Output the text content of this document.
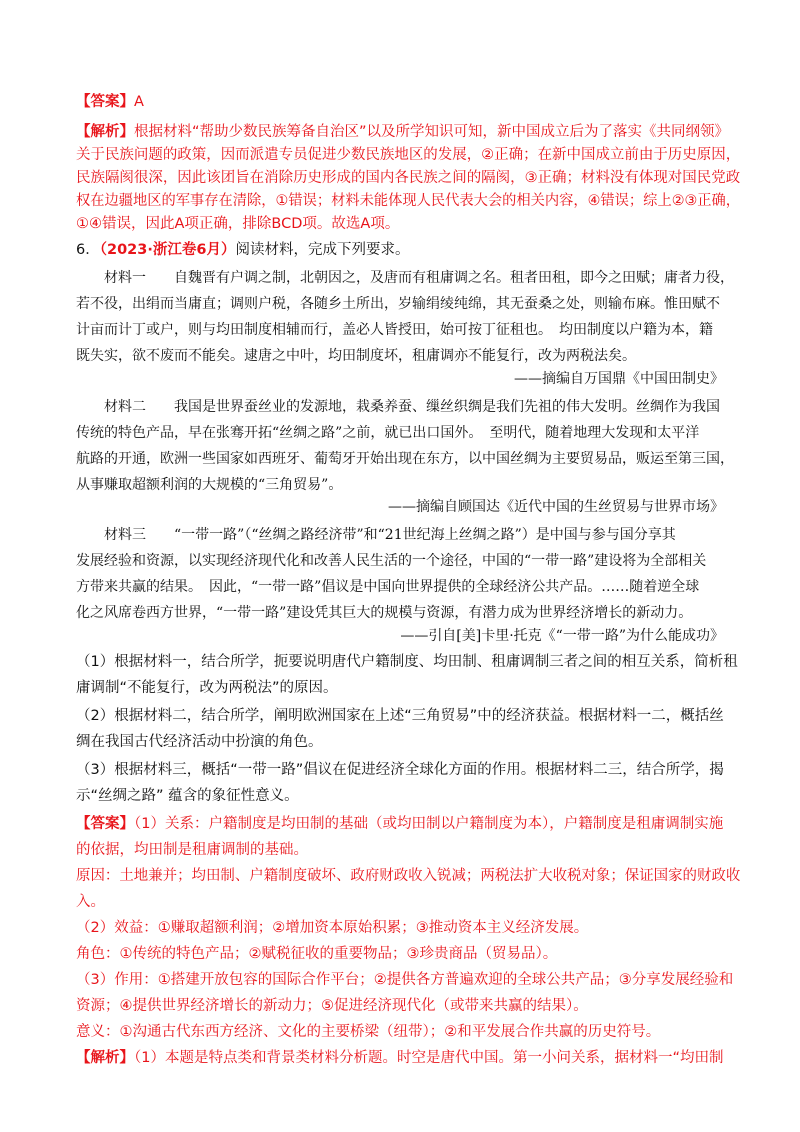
【答案】A
【解析】根据材料“帮助少数民族筹备自治区”以及所学知识可知，新中国成立后为了落实《共同纲领》
关于民族问题的政策，因而派遣专员促进少数民族地区的发展，②正确；在新中国成立前由于历史原因，
民族隔阂很深，因此该团旨在消除历史形成的国内各民族之间的隔阂，③正确；材料没有体现对国民党政
权在边疆地区的军事存在清除，①错误；材料未能体现人民代表大会的相关内容，④错误；综上②③正确，
①④错误，因此A项正确，排除BCD项。故选A项。
6．（2023·浙江卷6月）阅读材料，完成下列要求。
材料一　　自魏晋有户调之制，北朝因之，及唐而有租庸调之名。租者田租，即今之田赋；庸者力役，
若不役，出绢而当庸直；调则户税，各随乡土所出，岁输绢绫纯绵，其无蚕桑之处，则输布麻。惟田赋不
计亩而计丁或户，则与均田制度相辅而行，盖必人皆授田，始可按丁征租也。　均田制度以户籍为本，籍
既失实，欲不废而不能矣。逮唐之中叶，均田制度坏，租庸调亦不能复行，改为两税法矣。
——摘编自万国鼎《中国田制史》
材料二　　我国是世界蚕丝业的发源地，栽桑养蚕、缫丝织绸是我们先祖的伟大发明。丝绸作为我国
传统的特色产品，早在张骞开拓“丝绸之路”之前，就已出口国外。　至明代，随着地理大发现和太平洋
航路的开通，欧洲一些国家如西班牙、葡萄牙开始出现在东方，以中国丝绸为主要贸易品，贩运至第三国，
从事赚取超额利润的大规模的“三角贸易”。
——摘编自顾国达《近代中国的生丝贸易与世界市场》
材料三　　“一带一路”（“丝绸之路经济带”和“21世纪海上丝绸之路”）是中国与参与国分享其
发展经验和资源，以实现经济现代化和改善人民生活的一个途径，中国的“一带一路”建设将为全部相关
方带来共赢的结果。　因此，“一带一路”倡议是中国向世界提供的全球经济公共产品。……随着逆全球
化之风席卷西方世界，“一带一路”建设凭其巨大的规模与资源，有潜力成为世界经济增长的新动力。
——引自[美]卡里·托克《“一带一路”为什么能成功》
（1）根据材料一，结合所学，扼要说明唐代户籍制度、均田制、租庸调制三者之间的相互关系，简析租
庸调制“不能复行，改为两税法”的原因。
（2）根据材料二，结合所学，阐明欧洲国家在上述“三角贸易”中的经济获益。根据材料一二，概括丝
绸在我国古代经济活动中扮演的角色。
（3）根据材料三，概括“一带一路”倡议在促进经济全球化方面的作用。根据材料二三，结合所学，揭
示“丝绸之路” 蕴含的象征性意义。
【答案】（1）关系：户籍制度是均田制的基础（或均田制以户籍制度为本），户籍制度是租庸调制实施
的依据，均田制是租庸调制的基础。
原因：土地兼并；均田制、户籍制度破坏、政府财政收入锐减；两税法扩大收税对象；保证国家的财政收
入。
（2）效益：①赚取超额利润；②增加资本原始积累；③推动资本主义经济发展。
角色：①传统的特色产品；②赋税征收的重要物品；③珍贵商品（贸易品）。
（3）作用：①搭建开放包容的国际合作平台；②提供各方普遍欢迎的全球公共产品；③分享发展经验和
资源；④提供世界经济增长的新动力；⑤促进经济现代化（或带来共赢的结果）。
意义：①沟通古代东西方经济、文化的主要桥梁（纽带）；②和平发展合作共赢的历史符号。
【解析】（1）本题是特点类和背景类材料分析题。时空是唐代中国。第一小问关系，据材料一“均田制
